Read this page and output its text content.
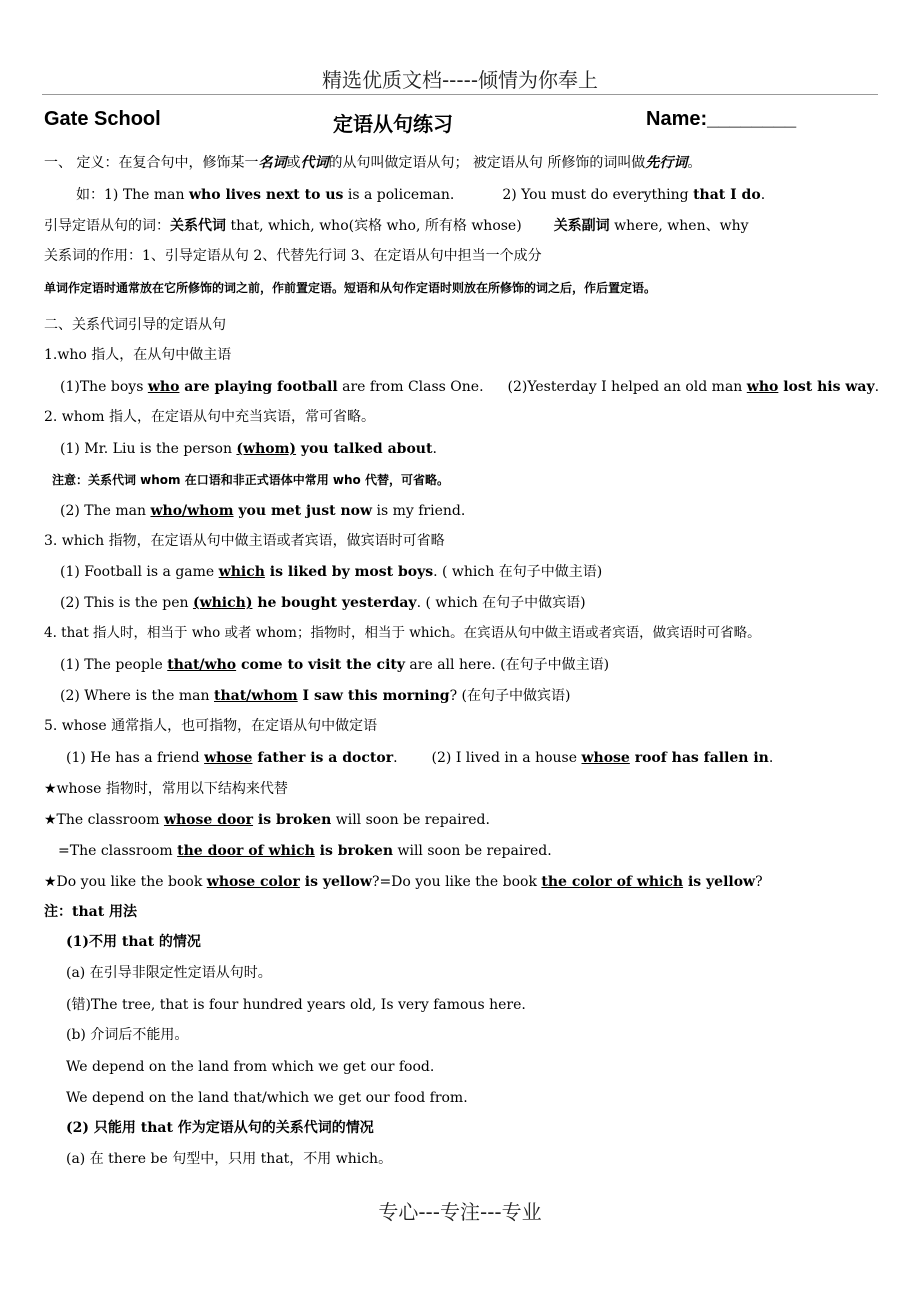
精选优质文档-----倾情为你奉上
Gate School	定语从句练习	Name:________
一、 定义：在复合句中，修饰某一名词或代词的从句叫做定语从句； 被定语从句 所修饰的词叫做先行词。
如：1) The man who lives next to us is a policeman.	2) You must do everything that I do.
引导定语从句的词：关系代词 that, which, who(宾格 who, 所有格 whose) 关系副词 where, when、why
关系词的作用：1、引导定语从句 2、代替先行词 3、在定语从句中担当一个成分
单词作定语时通常放在它所修饰的词之前，作前置定语。短语和从句作定语时则放在所修饰的词之后，作后置定语。
二、关系代词引导的定语从句
1.who 指人，在从句中做主语
(1)The boys who are playing football are from Class One. (2)Yesterday I helped an old man who lost his way.
2. whom 指人，在定语从句中充当宾语，常可省略。
(1) Mr. Liu is the person (whom) you talked about.
注意：关系代词 whom 在口语和非正式语体中常用 who 代替，可省略。
(2) The man who/whom you met just now is my friend.
3. which 指物，在定语从句中做主语或者宾语，做宾语时可省略
(1) Football is a game which is liked by most boys. ( which 在句子中做主语)
(2) This is the pen (which) he bought yesterday. ( which 在句子中做宾语)
4. that 指人时，相当于 who 或者 whom；指物时，相当于 which。在宾语从句中做主语或者宾语，做宾语时可省略。
(1) The people that/who come to visit the city are all here. (在句子中做主语)
(2) Where is the man that/whom I saw this morning? (在句子中做宾语)
5. whose 通常指人，也可指物，在定语从句中做定语
(1) He has a friend whose father is a doctor. (2) I lived in a house whose roof has fallen in.
★whose 指物时，常用以下结构来代替
★The classroom whose door is broken will soon be repaired.
=The classroom the door of which is broken will soon be repaired.
★Do you like the book whose color is yellow?=Do you like the book the color of which is yellow?
注：that 用法
(1)不用 that 的情况
(a) 在引导非限定性定语从句时。
(错)The tree, that is four hundred years old, Is very famous here.
(b) 介词后不能用。
We depend on the land from which we get our food.
We depend on the land that/which we get our food from.
(2) 只能用 that 作为定语从句的关系代词的情况
(a) 在 there be 句型中，只用 that，不用 which。
专心---专注---专业
